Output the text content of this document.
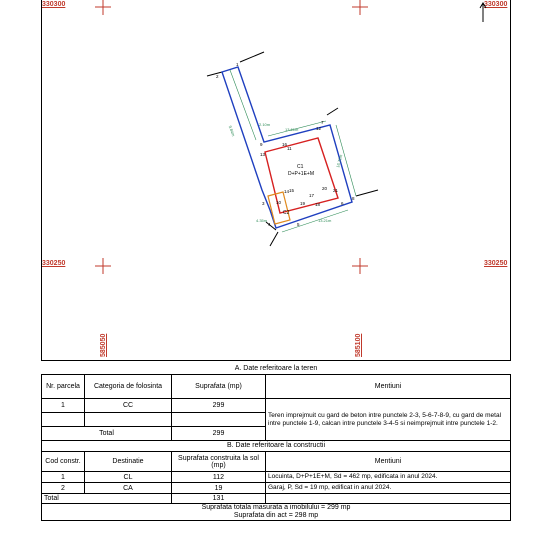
330300	330300
330250	330250
585050	585100
C1
D+P+1E+M
C2
1
2
3
4	5
6
7
8
9
10
11
12
13
14 15
16
17
18
19
20 21
13.61m
16.72m
13.21m
2.10m
9.84m
4.35m
A. Date referitoare la teren
Nr. parcela	Categoria de folosinta	Suprafata (mp)	Mentiuni
1	CC	299	Teren imprejmuit cu gard de beton intre punctele 2-3, 5-6-7-8-9, cu gard de metal intre punctele 1-9, calcan intre punctele 3-4-5 si neimprejmuit intre punctele 1-2.

Total		299	
B. Date referitoare la constructii
Cod constr.	Destinatie	Suprafata construita la sol (mp)	Mentiuni
1	CL	112	Locuinta, D+P+1E+M, Sd = 462 mp, edificata in anul 2024.
2	CA	19	Garaj, P, Sd = 19 mp, edificat in anul 2024.
Total		131	
Suprafata totala masurata a imobilului = 299 mp
Suprafata din act = 298 mp
